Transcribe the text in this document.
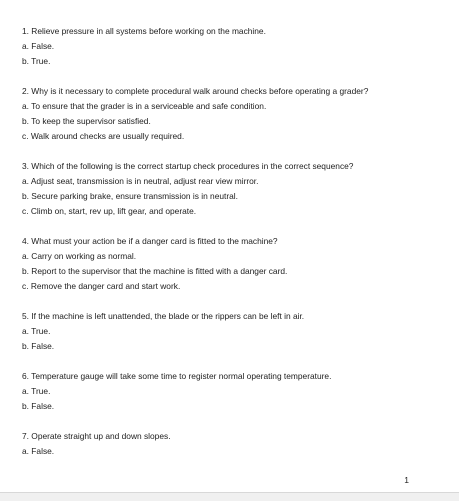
1. Relieve pressure in all systems before working on the machine.

a. False.

b. True.

2. Why is it necessary to complete procedural walk around checks before operating a grader?

a. To ensure that the grader is in a serviceable and safe condition.

b. To keep the supervisor satisfied.

c. Walk around checks are usually required.

3. Which of the following is the correct startup check procedures in the correct sequence?

a. Adjust seat, transmission is in neutral, adjust rear view mirror.

b. Secure parking brake, ensure transmission is in neutral.

c. Climb on, start, rev up, lift gear, and operate.

4. What must your action be if a danger card is fitted to the machine?

a. Carry on working as normal.

b. Report to the supervisor that the machine is fitted with a danger card.

c. Remove the danger card and start work.

5. If the machine is left unattended, the blade or the rippers can be left in air.

a. True.

b. False.

6. Temperature gauge will take some time to register normal operating temperature.

a. True.

b. False.

7. Operate straight up and down slopes.

a. False.

1
